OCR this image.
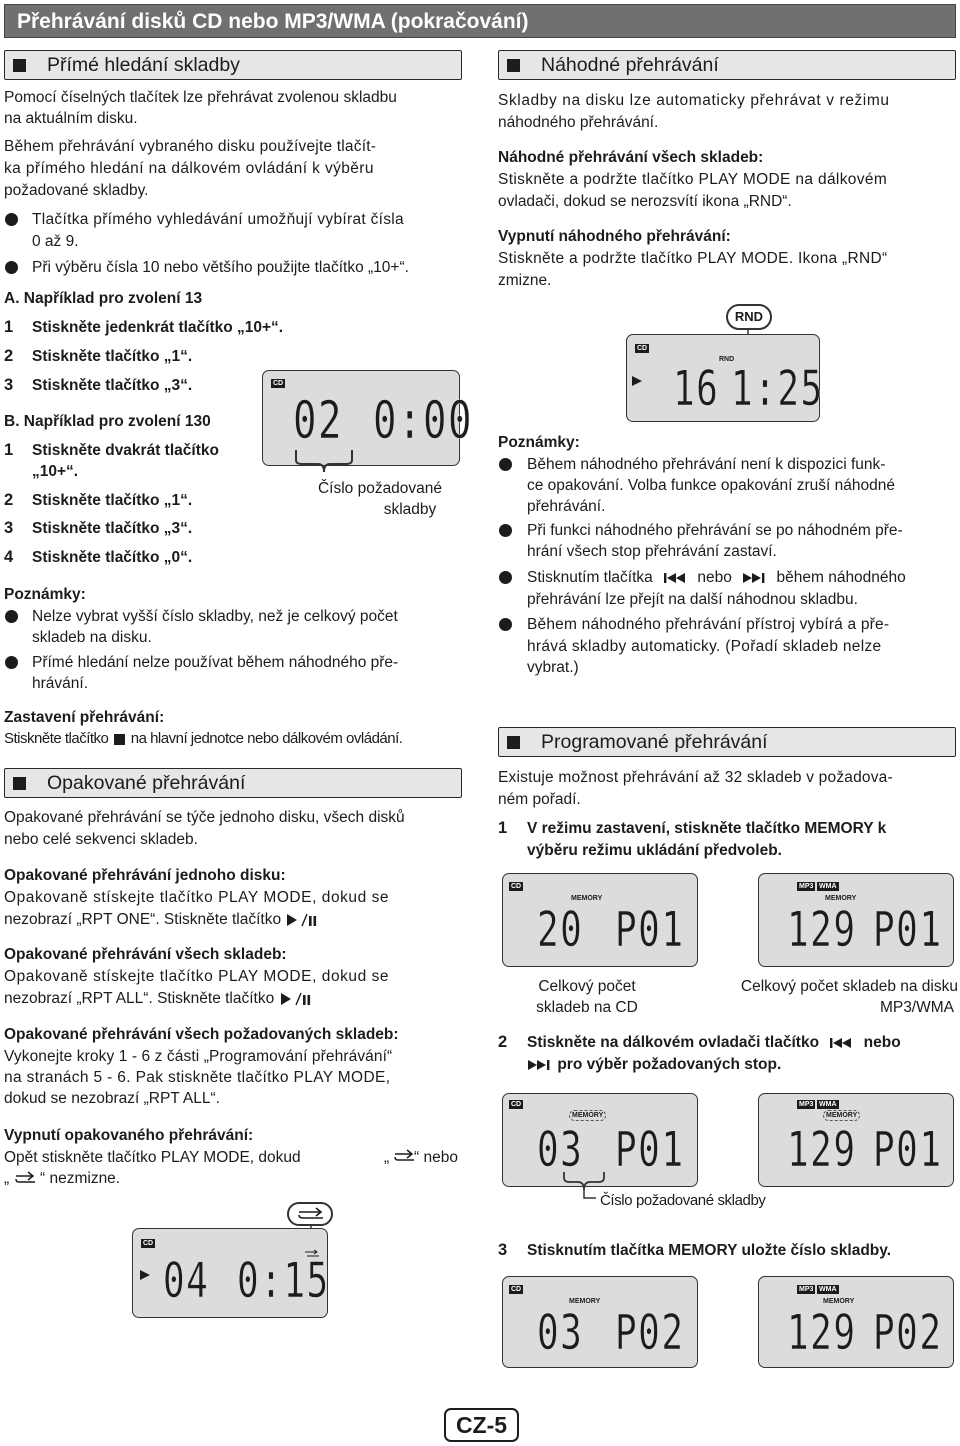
Přehrávání disků CD nebo MP3/WMA (pokračování)
Přímé hledání skladby
Pomocí číselných tlačítek lze přehrávat zvolenou skladbu
na aktuálním disku.
Během přehrávání vybraného disku používejte tlačít-
ka přímého hledání na dálkovém ovládání k výběru
požadované skladby.
Tlačítka přímého vyhledávání umožňují vybírat čísla
0 až 9.
Při výběru čísla 10 nebo většího použijte tlačítko „10+“.
A. Například pro zvolení 13
1 Stiskněte jedenkrát tlačítko „10+“.
2 Stiskněte tlačítko „1“.
3 Stiskněte tlačítko „3“.
B. Například pro zvolení 130
1 Stiskněte dvakrát tlačítko
„10+“.
2 Stiskněte tlačítko „1“.
3 Stiskněte tlačítko „3“.
4 Stiskněte tlačítko „0“.
CD
02 0:00
Číslo požadované
skladby
Poznámky:
Nelze vybrat vyšší číslo skladby, než je celkový počet
skladeb na disku.
Přímé hledání nelze používat během náhodného pře-
hrávání.
Zastavení přehrávání:
Stiskněte tlačítko na hlavní jednotce nebo dálkovém ovládání.
Opakované přehrávání
Opakované přehrávání se týče jednoho disku, všech disků
nebo celé sekvenci skladeb.
Opakované přehrávání jednoho disku:
Opakovaně stískejte tlačítko PLAY MODE, dokud se
nezobrazí „RPT ONE“. Stiskněte tlačítko
Opakované přehrávání všech skladeb:
Opakovaně stískejte tlačítko PLAY MODE, dokud se
nezobrazí „RPT ALL“. Stiskněte tlačítko
Opakované přehrávání všech požadovaných skladeb:
Vykonejte kroky 1 - 6 z části „Programování přehrávání“
na stranách 5 - 6. Pak stiskněte tlačítko PLAY MODE,
dokud se nezobrazí „RPT ALL“.
Vypnutí opakovaného přehrávání:
Opět stiskněte tlačítko PLAY MODE, dokud	„ “ nebo
„ “ nezmizne.
CD
04 0:15
Náhodné přehrávání
Skladby na disku lze automaticky přehrávat v režimu
náhodného přehrávání.
Náhodné přehrávání všech skladeb:
Stiskněte a podržte tlačítko PLAY MODE na dálkovém
ovladači, dokud se nerozsvítí ikona „RND“.
Vypnutí náhodného přehrávání:
Stiskněte a podržte tlačítko PLAY MODE. Ikona „RND“
zmizne.
RND
CD
RND
16 1:25
Poznámky:
Během náhodného přehrávání není k dispozici funk-
ce opakování. Volba funkce opakování zruší náhodné
přehrávání.
Při funkci náhodného přehrávání se po náhodném pře-
hrání všech stop přehrávání zastaví.
Stisknutím tlačítka	nebo	během náhodného
přehrávání lze přejít na další náhodnou skladbu.
Během náhodného přehrávání přístroj vybírá a pře-
hrává skladby automaticky. (Pořadí skladeb nelze
vybrat.)
Programované přehrávání
Existuje možnost přehrávání až 32 skladeb v požadova-
ném pořadí.
1 V režimu zastavení, stiskněte tlačítko MEMORY k
výběru režimu ukládání předvoleb.
CD
MEMORY
20 P01
MP3 WMA
MEMORY
129 P01
Celkový počet
skladeb na CD
Celkový počet skladeb na disku
MP3/WMA
2 Stiskněte na dálkovém ovladači tlačítko	nebo
pro výběr požadovaných stop.
CD
MEMORY
03 P01
MP3 WMA
MEMORY
129 P01
Číslo požadované skladby
3 Stisknutím tlačítka MEMORY uložte číslo skladby.
CD
MEMORY
03 P02
MP3 WMA
MEMORY
129 P02
CZ-5
